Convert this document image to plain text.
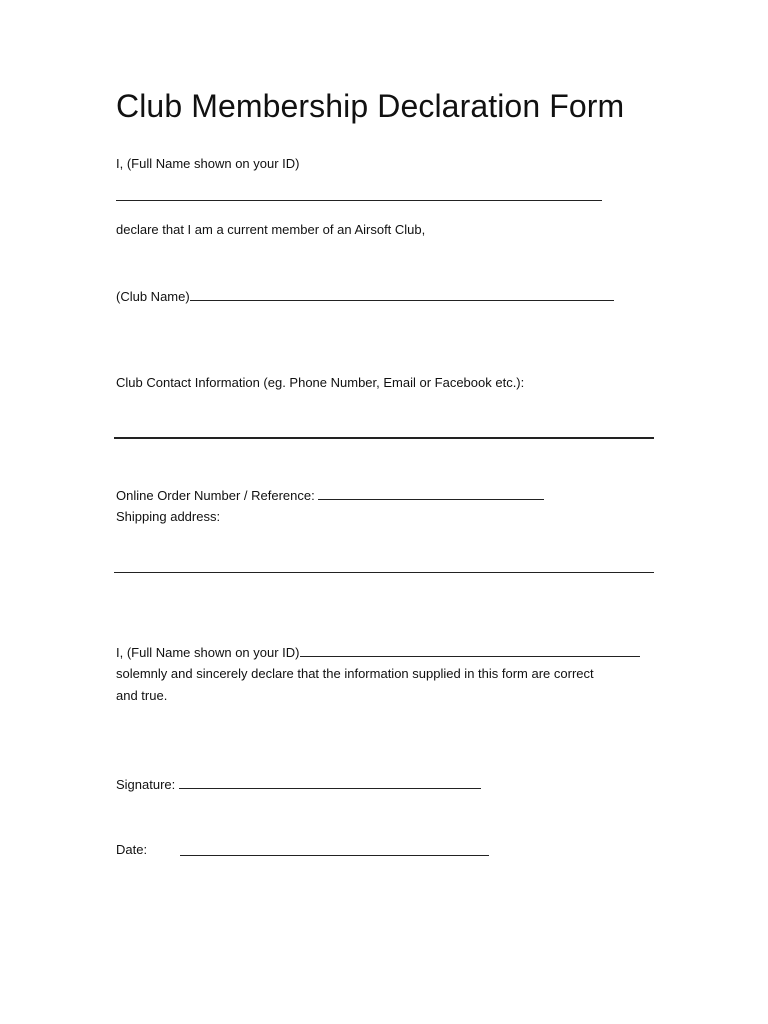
Club Membership Declaration Form
I, (Full Name shown on your ID)
declare that I am a current member of an Airsoft Club,
(Club Name)
Club Contact Information (eg. Phone Number, Email or Facebook etc.):
Online Order Number / Reference:
Shipping address:
I, (Full Name shown on your ID)
solemnly and sincerely declare that the information supplied in this form are correct
and true.
Signature:
Date:
